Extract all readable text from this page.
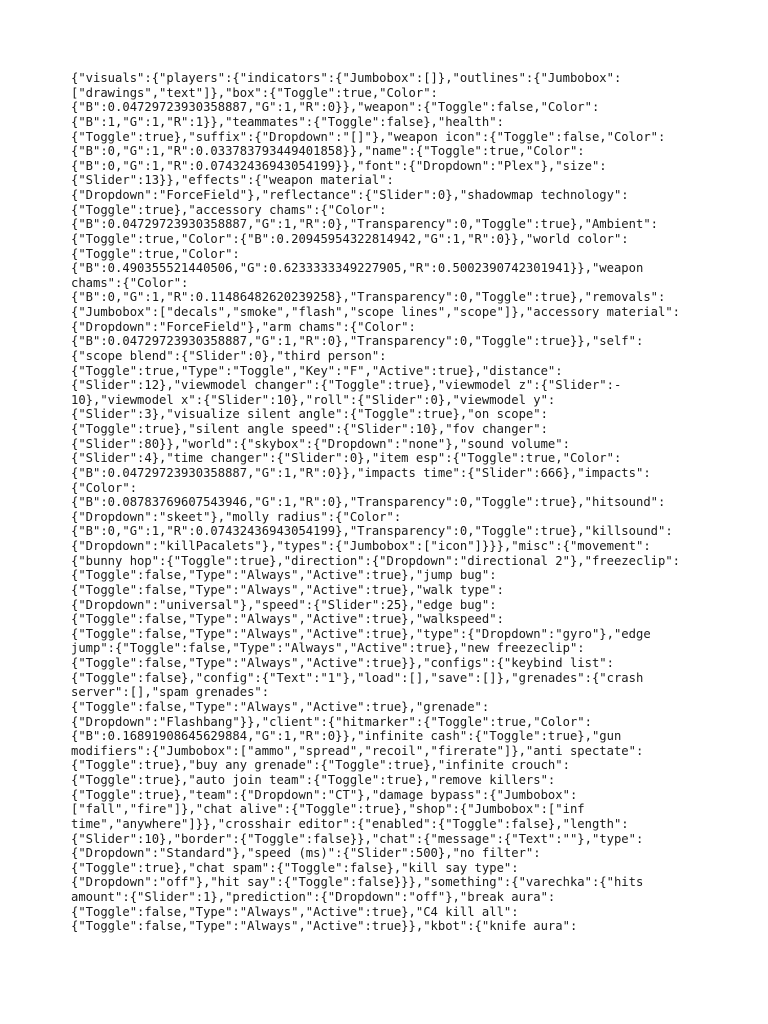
{"visuals":{"players":{"indicators":{"Jumbobox":[]},"outlines":{"Jumbobox":
["drawings","text"]},"box":{"Toggle":true,"Color":
{"B":0.04729723930358887,"G":1,"R":0}},"weapon":{"Toggle":false,"Color":
{"B":1,"G":1,"R":1}},"teammates":{"Toggle":false},"health":
{"Toggle":true},"suffix":{"Dropdown":"[]"},"weapon icon":{"Toggle":false,"Color":
{"B":0,"G":1,"R":0.033783793449401858}},"name":{"Toggle":true,"Color":
{"B":0,"G":1,"R":0.07432436943054199}},"font":{"Dropdown":"Plex"},"size":
{"Slider":13}},"effects":{"weapon material":
{"Dropdown":"ForceField"},"reflectance":{"Slider":0},"shadowmap technology":
{"Toggle":true},"accessory chams":{"Color":
{"B":0.04729723930358887,"G":1,"R":0},"Transparency":0,"Toggle":true},"Ambient":
{"Toggle":true,"Color":{"B":0.20945954322814942,"G":1,"R":0}},"world color":
{"Toggle":true,"Color":
{"B":0.490355521440506,"G":0.6233333349227905,"R":0.5002390742301941}},"weapon
chams":{"Color":
{"B":0,"G":1,"R":0.11486482620239258},"Transparency":0,"Toggle":true},"removals":
{"Jumbobox":["decals","smoke","flash","scope lines","scope"]},"accessory material":
{"Dropdown":"ForceField"},"arm chams":{"Color":
{"B":0.04729723930358887,"G":1,"R":0},"Transparency":0,"Toggle":true}},"self":
{"scope blend":{"Slider":0},"third person":
{"Toggle":true,"Type":"Toggle","Key":"F","Active":true},"distance":
{"Slider":12},"viewmodel changer":{"Toggle":true},"viewmodel z":{"Slider":-
10},"viewmodel x":{"Slider":10},"roll":{"Slider":0},"viewmodel y":
{"Slider":3},"visualize silent angle":{"Toggle":true},"on scope":
{"Toggle":true},"silent angle speed":{"Slider":10},"fov changer":
{"Slider":80}},"world":{"skybox":{"Dropdown":"none"},"sound volume":
{"Slider":4},"time changer":{"Slider":0},"item esp":{"Toggle":true,"Color":
{"B":0.04729723930358887,"G":1,"R":0}},"impacts time":{"Slider":666},"impacts":
{"Color":
{"B":0.08783769607543946,"G":1,"R":0},"Transparency":0,"Toggle":true},"hitsound":
{"Dropdown":"skeet"},"molly radius":{"Color":
{"B":0,"G":1,"R":0.07432436943054199},"Transparency":0,"Toggle":true},"killsound":
{"Dropdown":"killPacalets"},"types":{"Jumbobox":["icon"]}}},"misc":{"movement":
{"bunny hop":{"Toggle":true},"direction":{"Dropdown":"directional 2"},"freezeclip":
{"Toggle":false,"Type":"Always","Active":true},"jump bug":
{"Toggle":false,"Type":"Always","Active":true},"walk type":
{"Dropdown":"universal"},"speed":{"Slider":25},"edge bug":
{"Toggle":false,"Type":"Always","Active":true},"walkspeed":
{"Toggle":false,"Type":"Always","Active":true},"type":{"Dropdown":"gyro"},"edge
jump":{"Toggle":false,"Type":"Always","Active":true},"new freezeclip":
{"Toggle":false,"Type":"Always","Active":true}},"configs":{"keybind list":
{"Toggle":false},"config":{"Text":"1"},"load":[],"save":[]},"grenades":{"crash
server":[],"spam grenades":
{"Toggle":false,"Type":"Always","Active":true},"grenade":
{"Dropdown":"Flashbang"}},"client":{"hitmarker":{"Toggle":true,"Color":
{"B":0.16891908645629884,"G":1,"R":0}},"infinite cash":{"Toggle":true},"gun
modifiers":{"Jumbobox":["ammo","spread","recoil","firerate"]},"anti spectate":
{"Toggle":true},"buy any grenade":{"Toggle":true},"infinite crouch":
{"Toggle":true},"auto join team":{"Toggle":true},"remove killers":
{"Toggle":true},"team":{"Dropdown":"CT"},"damage bypass":{"Jumbobox":
["fall","fire"]},"chat alive":{"Toggle":true},"shop":{"Jumbobox":["inf
time","anywhere"]}},"crosshair editor":{"enabled":{"Toggle":false},"length":
{"Slider":10},"border":{"Toggle":false}},"chat":{"message":{"Text":""},"type":
{"Dropdown":"Standard"},"speed (ms)":{"Slider":500},"no filter":
{"Toggle":true},"chat spam":{"Toggle":false},"kill say type":
{"Dropdown":"off"},"hit say":{"Toggle":false}}},"something":{"varechka":{"hits
amount":{"Slider":1},"prediction":{"Dropdown":"off"},"break aura":
{"Toggle":false,"Type":"Always","Active":true},"C4 kill all":
{"Toggle":false,"Type":"Always","Active":true}},"kbot":{"knife aura":
